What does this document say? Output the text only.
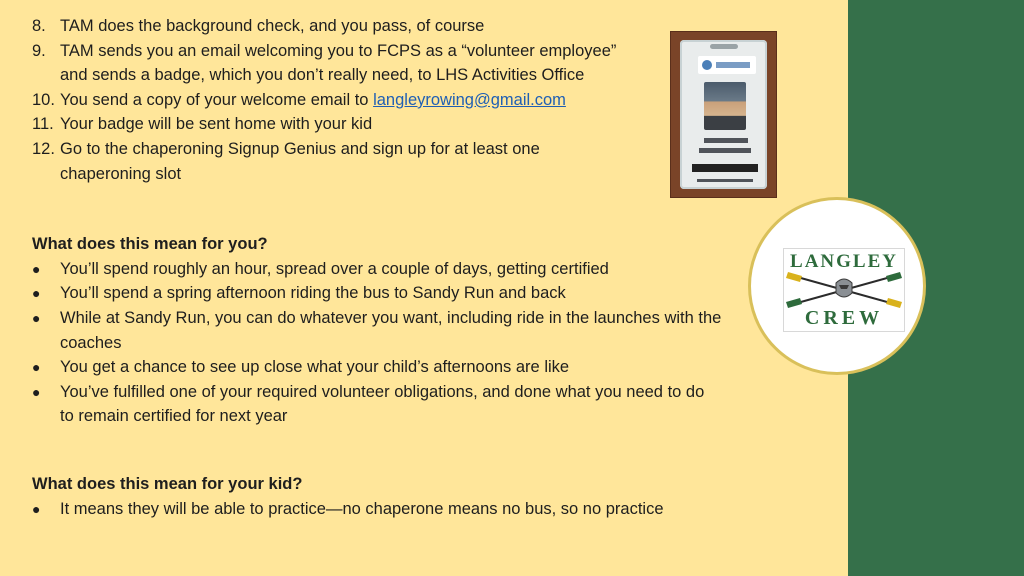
8. TAM does the background check, and you pass, of course
9. TAM sends you an email welcoming you to FCPS as a “volunteer employee”
and sends a badge, which you don’t really need, to LHS Activities Office
10. You send a copy of your welcome email to langleyrowing@gmail.com
11. Your badge will be sent home with your kid
12. Go to the chaperoning Signup Genius and sign up for at least one
chaperoning slot
What does this mean for you?
● You’ll spend roughly an hour, spread over a couple of days, getting certified
● You’ll spend a spring afternoon riding the bus to Sandy Run and back
● While at Sandy Run, you can do whatever you want, including ride in the launches with the
coaches
● You get a chance to see up close what your child’s afternoons are like
● You’ve fulfilled one of your required volunteer obligations, and done what you need to do
to remain certified for next year
What does this mean for your kid?
● It means they will be able to practice—no chaperone means no bus, so no practice
LANGLEY
CREW
